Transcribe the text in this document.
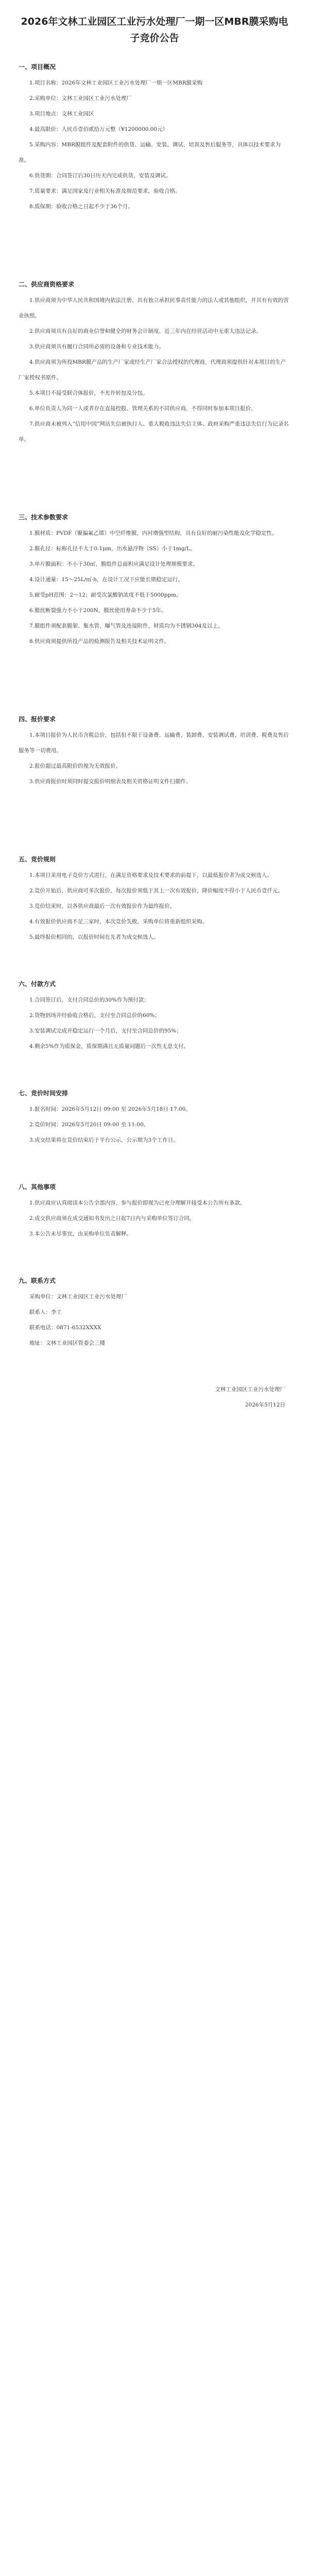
2026年文林工业园区工业污水处理厂一期一区MBR膜采购电子竞价公告

一、项目概况

1.项目名称：2026年文林工业园区工业污水处理厂一期一区MBR膜采购

2.采购单位：文林工业园区工业污水处理厂

3.项目地点：文林工业园区

4.最高限价：人民币壹佰贰拾万元整（¥1200000.00元）

5.采购内容：MBR膜组件及配套附件的供货、运输、安装、调试、培训及售后服务等，具体以技术要求为准。

6.供货期：合同签订后30日历天内完成供货、安装及调试。

7.质量要求：满足国家及行业相关标准及规范要求，验收合格。

8.质保期：验收合格之日起不少于36个月。

二、供应商资格要求

1.供应商须为中华人民共和国境内依法注册、具有独立承担民事责任能力的法人或其他组织，并具有有效的营业执照。

2.供应商须具有良好的商业信誉和健全的财务会计制度，近三年内在经营活动中无重大违法记录。

3.供应商须具有履行合同所必需的设备和专业技术能力。

4.供应商须为所投MBR膜产品的生产厂家或经生产厂家合法授权的代理商，代理商须提供针对本项目的生产厂家授权书原件。

5.本项目不接受联合体报价，不允许转包及分包。

6.单位负责人为同一人或者存在直接控股、管理关系的不同供应商，不得同时参加本项目报价。

7.供应商未被列入“信用中国”网站失信被执行人、重大税收违法失信主体、政府采购严重违法失信行为记录名单。

三、技术参数要求

1.膜材质：PVDF（聚偏氟乙烯）中空纤维膜，内衬增强型结构，具有良好的耐污染性能及化学稳定性。

2.膜孔径：标称孔径不大于0.1μm，出水悬浮物（SS）小于1mg/L。

3.单片膜面积：不小于30㎡，膜组件总面积应满足设计处理规模要求。

4.设计通量：15～25L/㎡·h，在设计工况下应能长期稳定运行。

5.耐受pH范围：2～12；耐受次氯酸钠浓度不低于5000ppm。

6.膜丝断裂强力不小于200N，膜丝使用寿命不少于5年。

7.膜组件须配套膜架、集水管、曝气管及连接附件，材质均为不锈钢304及以上。

8.供应商须提供所投产品的检测报告及相关技术证明文件。

四、报价要求

1.本项目报价为人民币含税总价，包括但不限于设备费、运输费、装卸费、安装调试费、培训费、税费及售后服务等一切费用。

2.报价超过最高限价的视为无效报价。

3.供应商报价时须同时提交报价明细表及相关资格证明文件扫描件。

五、竞价规则

1.本项目采用电子竞价方式进行，在满足资格要求及技术要求的前提下，以最低报价者为成交候选人。

2.竞价开始后，供应商可多次报价，每次报价须低于其上一次有效报价，降价幅度不得小于人民币壹仟元。

3.竞价结束时，以各供应商最后一次有效报价作为最终报价。

4.有效报价供应商不足三家时，本次竞价失败，采购单位将重新组织采购。

5.最终报价相同的，以报价时间在先者为成交候选人。

六、付款方式

1.合同签订后，支付合同总价的30%作为预付款；

2.货物到场并经验收合格后，支付至合同总价的60%；

3.安装调试完成并稳定运行一个月后，支付至合同总价的95%；

4.剩余5%作为质保金，质保期满且无质量问题后一次性无息支付。

七、竞价时间安排

1.报名时间：2026年5月12日 09:00 至 2026年5月18日 17:00。

2.竞价时间：2026年5月20日 09:00 至 11:00。

3.成交结果将在竞价结束后于平台公示，公示期为3个工作日。

八、其他事项

1.供应商应认真阅读本公告全部内容，参与报价即视为已充分理解并接受本公告所有条款。

2.成交供应商须在成交通知书发出之日起7日内与采购单位签订合同。

3.本公告未尽事宜，由采购单位负责解释。

九、联系方式

采购单位：文林工业园区工业污水处理厂

联系人：李工

联系电话：0871-6532XXXX

地址：文林工业园区管委会三楼

文林工业园区工业污水处理厂

2026年5月12日
